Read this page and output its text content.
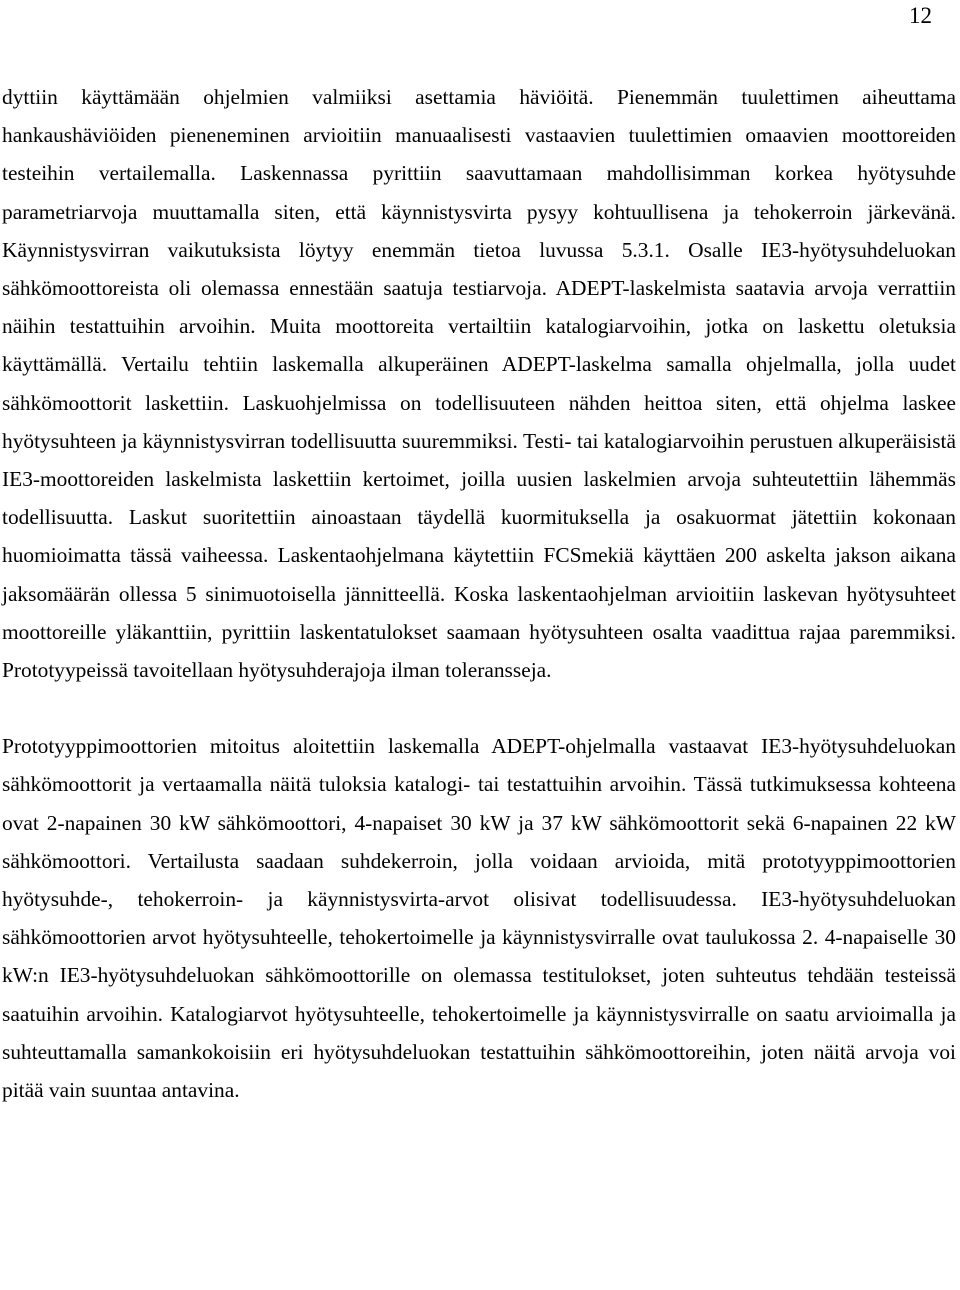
12

dyttiin käyttämään ohjelmien valmiiksi asettamia häviöitä. Pienemmän tuulettimen aiheuttama hankaushäviöiden pieneneminen arvioitiin manuaalisesti vastaavien tuulettimien omaavien moottoreiden testeihin vertailemalla. Laskennassa pyrittiin saavuttamaan mahdollisimman korkea hyötysuhde parametriarvoja muuttamalla siten, että käynnistysvirta pysyy kohtuullisena ja tehokerroin järkevänä. Käynnistysvirran vaikutuksista löytyy enemmän tietoa luvussa 5.3.1. Osalle IE3-hyötysuhdeluokan sähkömoottoreista oli olemassa ennestään saatuja testiarvoja. ADEPT-laskelmista saatavia arvoja verrattiin näihin testattuihin arvoihin. Muita moottoreita vertailtiin katalogiarvoihin, jotka on laskettu oletuksia käyttämällä. Vertailu tehtiin laskemalla alkuperäinen ADEPT-laskelma samalla ohjelmalla, jolla uudet sähkömoottorit laskettiin. Laskuohjelmissa on todellisuuteen nähden heittoa siten, että ohjelma laskee hyötysuhteen ja käynnistysvirran todellisuutta suuremmiksi. Testi- tai katalogiarvoihin perustuen alkuperäisistä IE3-moottoreiden laskelmista laskettiin kertoimet, joilla uusien laskelmien arvoja suhteutettiin lähemmäs todellisuutta. Laskut suoritettiin ainoastaan täydellä kuormituksella ja osakuormat jätettiin kokonaan huomioimatta tässä vaiheessa. Laskentaohjelmana käytettiin FCSmekiä käyttäen 200 askelta jakson aikana jaksomäärän ollessa 5 sinimuotoisella jännitteellä. Koska laskentaohjelman arvioitiin laskevan hyötysuhteet moottoreille yläkanttiin, pyrittiin laskentatulokset saamaan hyötysuhteen osalta vaadittua rajaa paremmiksi. Prototyypeissä tavoitellaan hyötysuhderajoja ilman toleransseja.

Prototyyppimoottorien mitoitus aloitettiin laskemalla ADEPT-ohjelmalla vastaavat IE3-hyötysuhdeluokan sähkömoottorit ja vertaamalla näitä tuloksia katalogi- tai testattuihin arvoihin. Tässä tutkimuksessa kohteena ovat 2-napainen 30 kW sähkömoottori, 4-napaiset 30 kW ja 37 kW sähkömoottorit sekä 6-napainen 22 kW sähkömoottori. Vertailusta saadaan suhdekerroin, jolla voidaan arvioida, mitä prototyyppimoottorien hyötysuhde-, tehokerroin- ja käynnistysvirta-arvot olisivat todellisuudessa. IE3-hyötysuhdeluokan sähkömoottorien arvot hyötysuhteelle, tehokertoimelle ja käynnistysvirralle ovat taulukossa 2. 4-napaiselle 30 kW:n IE3-hyötysuhdeluokan sähkömoottorille on olemassa testitulokset, joten suhteutus tehdään testeissä saatuihin arvoihin. Katalogiarvot hyötysuhteelle, tehokertoimelle ja käynnistysvirralle on saatu arvioimalla ja suhteuttamalla samankokoisiin eri hyötysuhdeluokan testattuihin sähkömoottoreihin, joten näitä arvoja voi pitää vain suuntaa antavina.
